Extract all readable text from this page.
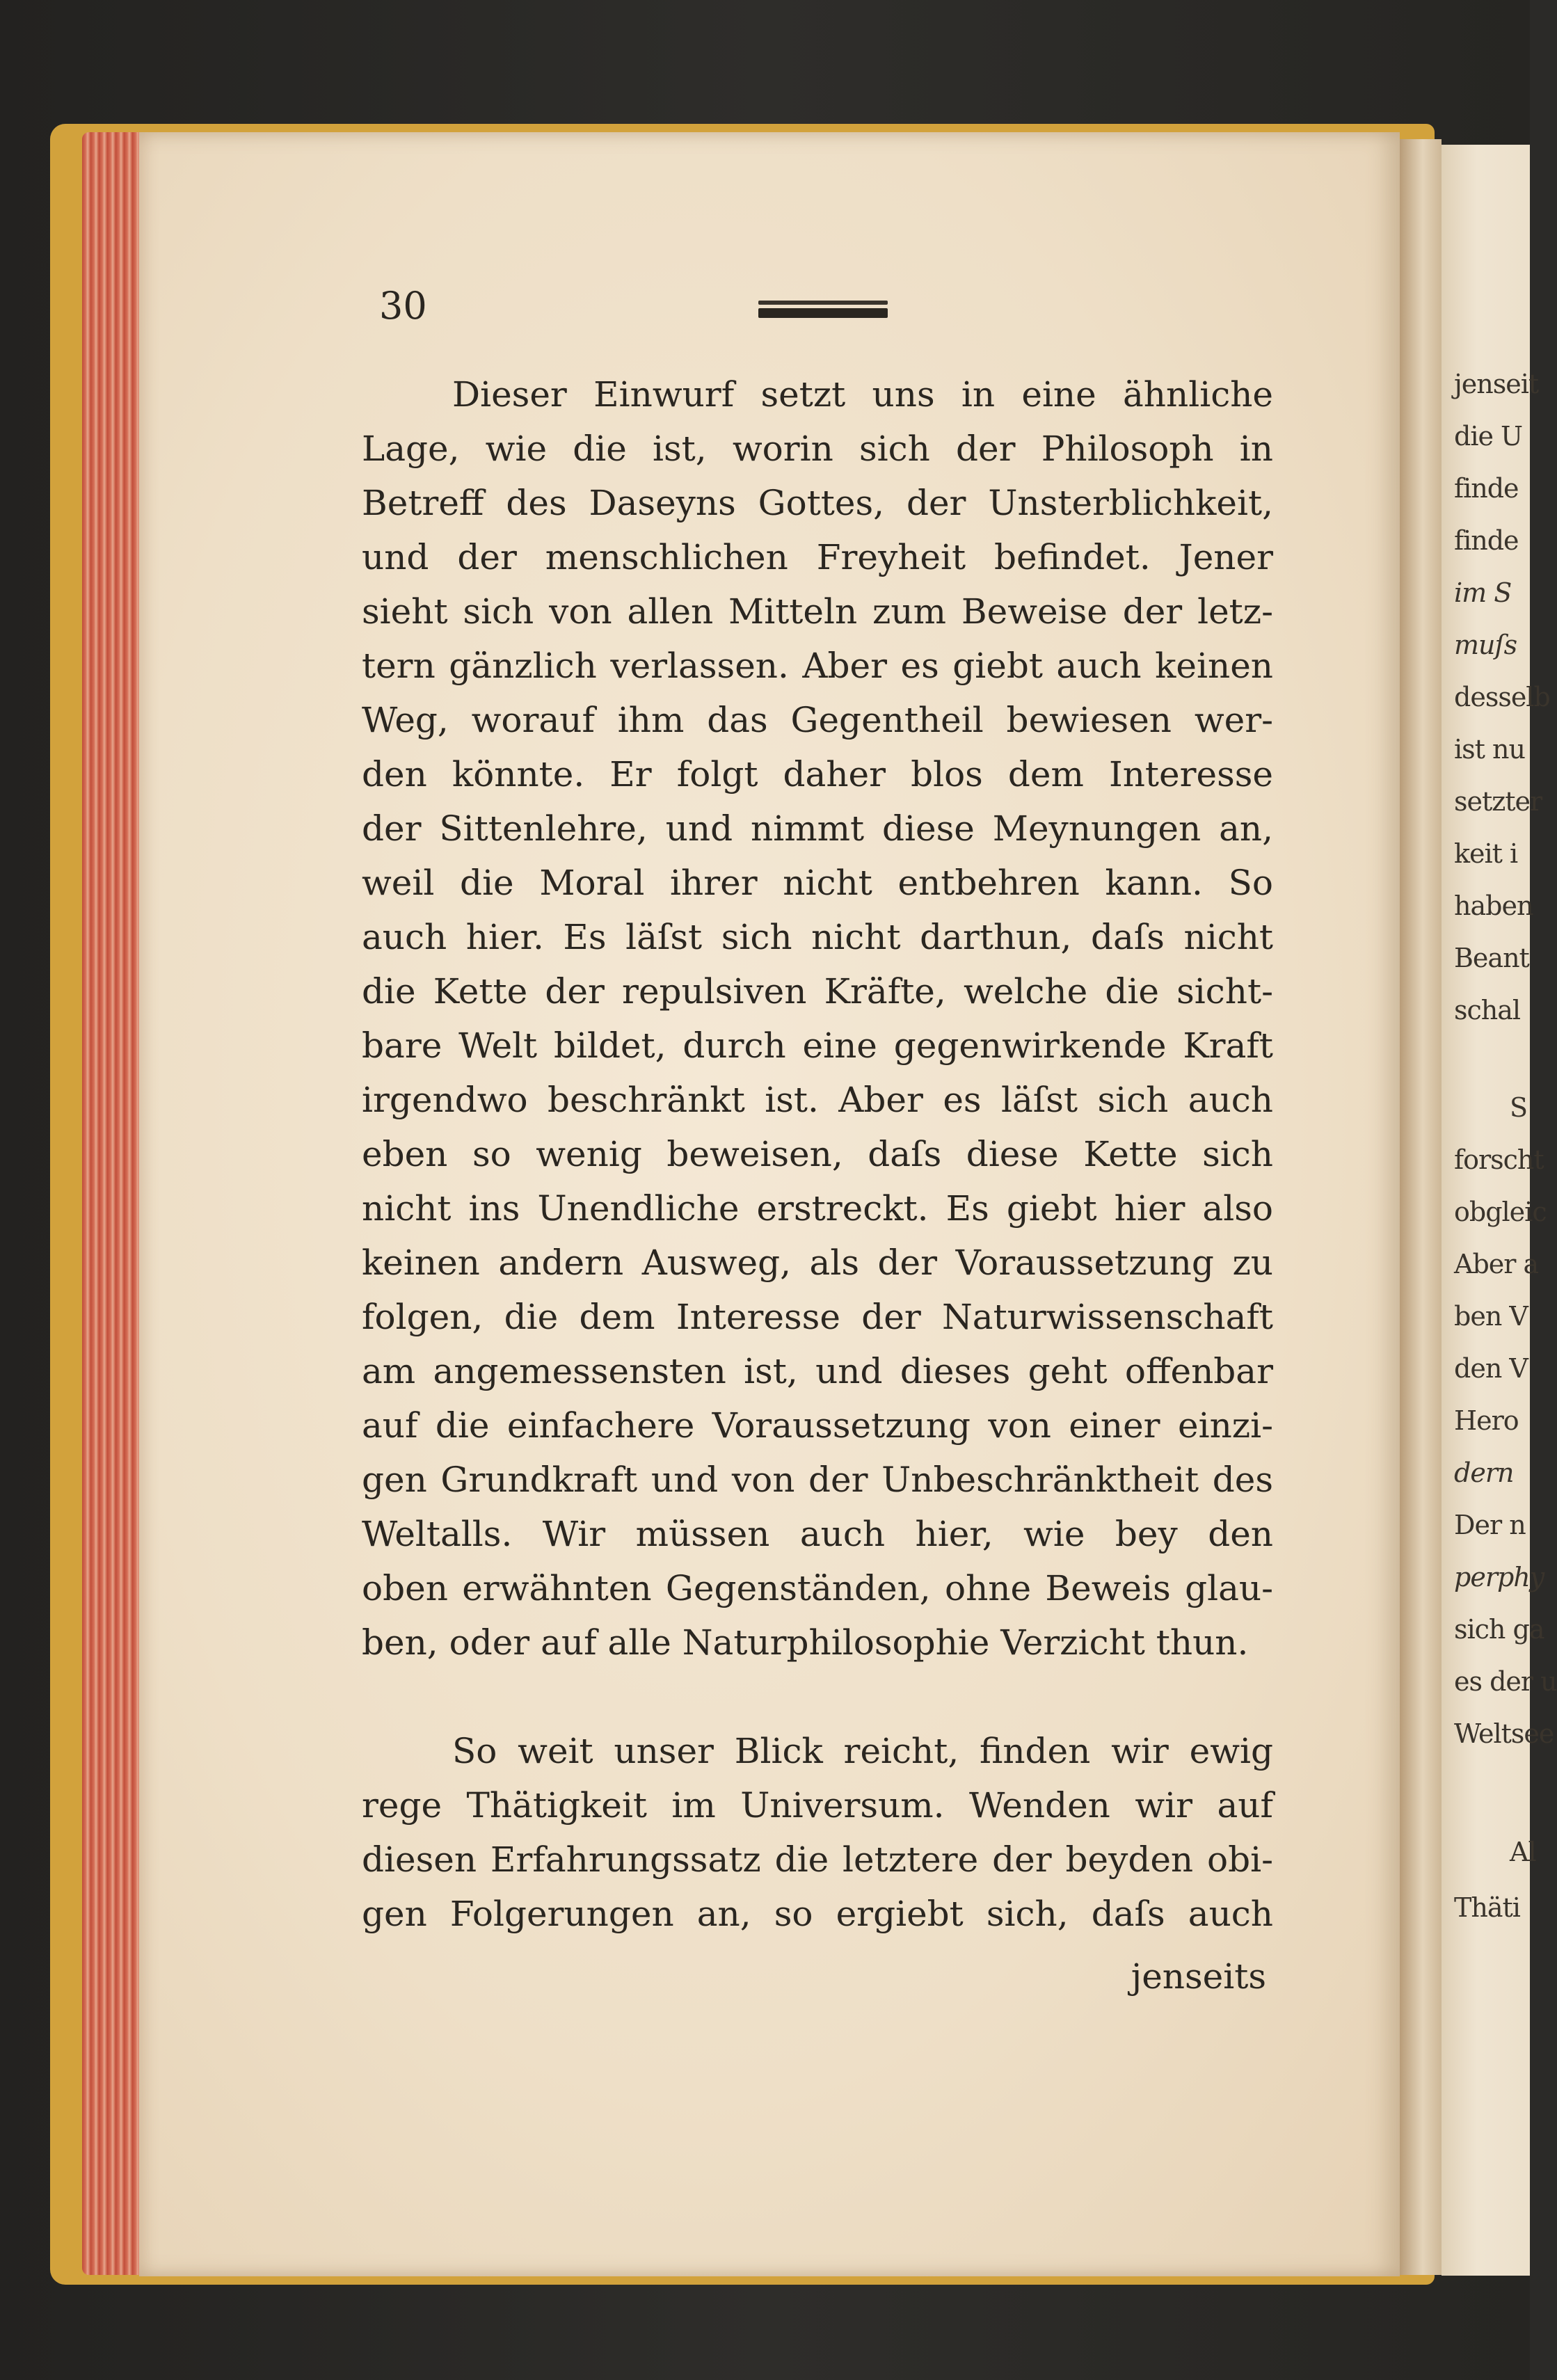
30
Dieser Einwurf setzt uns in eine ähnliche
Lage, wie die ist, worin sich der Philosoph in
Betreff des Daseyns Gottes, der Unsterblichkeit,
und der menschlichen Freyheit befindet. Jener
sieht sich von allen Mitteln zum Beweise der letz-
tern gänzlich verlassen. Aber es giebt auch keinen
Weg, worauf ihm das Gegentheil bewiesen wer-
den könnte. Er folgt daher blos dem Interesse
der Sittenlehre, und nimmt diese Meynungen an,
weil die Moral ihrer nicht entbehren kann. So
auch hier. Es läſst sich nicht darthun, daſs nicht
die Kette der repulsiven Kräfte, welche die sicht-
bare Welt bildet, durch eine gegenwirkende Kraft
irgendwo beschränkt ist. Aber es läſst sich auch
eben so wenig beweisen, daſs diese Kette sich
nicht ins Unendliche erstreckt. Es giebt hier also
keinen andern Ausweg, als der Voraussetzung zu
folgen, die dem Interesse der Naturwissenschaft
am angemessensten ist, und dieses geht offenbar
auf die einfachere Voraussetzung von einer einzi-
gen Grundkraft und von der Unbeschränktheit des
Weltalls. Wir müssen auch hier, wie bey den
oben erwähnten Gegenständen, ohne Beweis glau-
ben, oder auf alle Naturphilosophie Verzicht thun.
So weit unser Blick reicht, finden wir ewig
rege Thätigkeit im Universum. Wenden wir auf
diesen Erfahrungssatz die letztere der beyden obi-
gen Folgerungen an, so ergiebt sich, daſs auch
jenseits
jenseit
die U
finde
finde
im S
muſs
desselb
ist nu
setzter
keit i
haben
Beant
schal
S
forscht
obgleic
Aber a
ben V
den V
Hero
dern
Der n
perphy
sich ga
es der u
Weltsee
Al
Thäti
